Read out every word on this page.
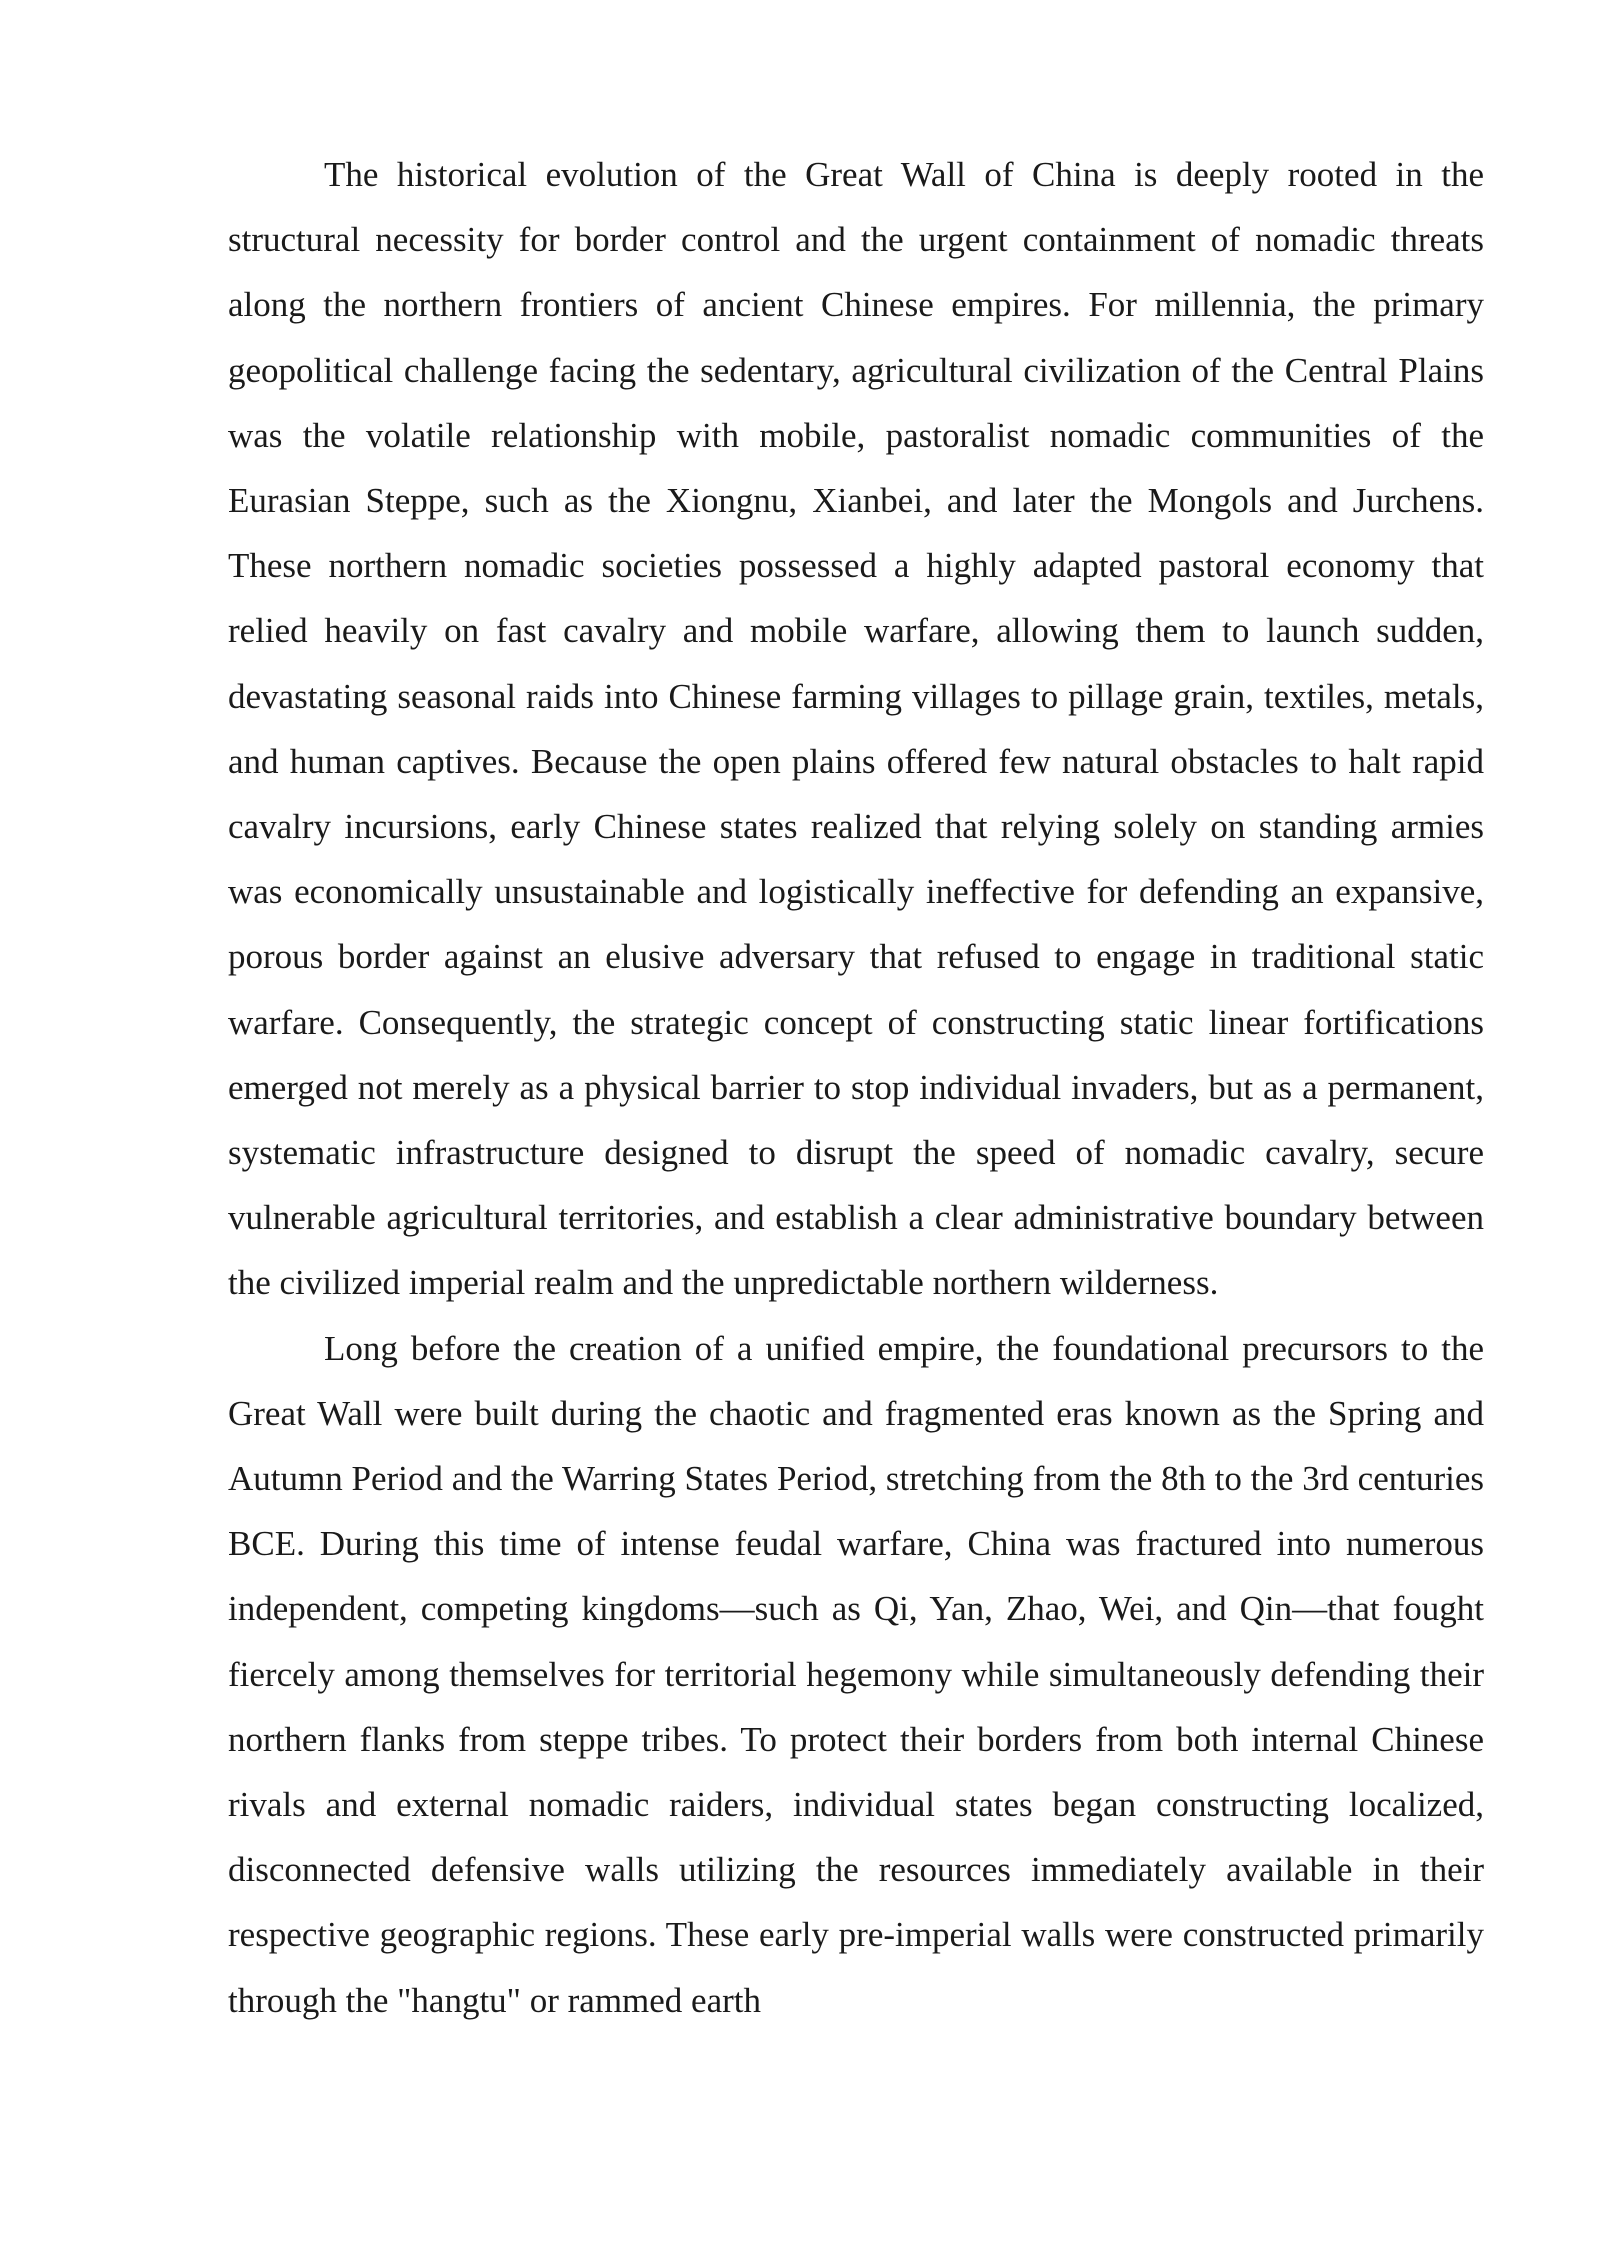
The historical evolution of the Great Wall of China is deeply rooted in the structural necessity for border control and the urgent containment of nomadic threats along the northern frontiers of ancient Chinese empires. For millennia, the primary geopolitical challenge facing the sedentary, agricultural civilization of the Central Plains was the volatile relationship with mobile, pastoralist nomadic communities of the Eurasian Steppe, such as the Xiongnu, Xianbei, and later the Mongols and Jurchens. These northern nomadic societies possessed a highly adapted pastoral economy that relied heavily on fast cavalry and mobile warfare, allowing them to launch sudden, devastating seasonal raids into Chinese farming villages to pillage grain, textiles, metals, and human captives. Because the open plains offered few natural obstacles to halt rapid cavalry incursions, early Chinese states realized that relying solely on standing armies was economically unsustainable and logistically ineffective for defending an expansive, porous border against an elusive adversary that refused to engage in traditional static warfare. Consequently, the strategic concept of constructing static linear fortifications emerged not merely as a physical barrier to stop individual invaders, but as a permanent, systematic infrastructure designed to disrupt the speed of nomadic cavalry, secure vulnerable agricultural territories, and establish a clear administrative boundary between the civilized imperial realm and the unpredictable northern wilderness.

Long before the creation of a unified empire, the foundational precursors to the Great Wall were built during the chaotic and fragmented eras known as the Spring and Autumn Period and the Warring States Period, stretching from the 8th to the 3rd centuries BCE. During this time of intense feudal warfare, China was fractured into numerous independent, competing kingdoms—such as Qi, Yan, Zhao, Wei, and Qin—that fought fiercely among themselves for territorial hegemony while simultaneously defending their northern flanks from steppe tribes. To protect their borders from both internal Chinese rivals and external nomadic raiders, individual states began constructing localized, disconnected defensive walls utilizing the resources immediately available in their respective geographic regions. These early pre-imperial walls were constructed primarily through the "hangtu" or rammed earth
